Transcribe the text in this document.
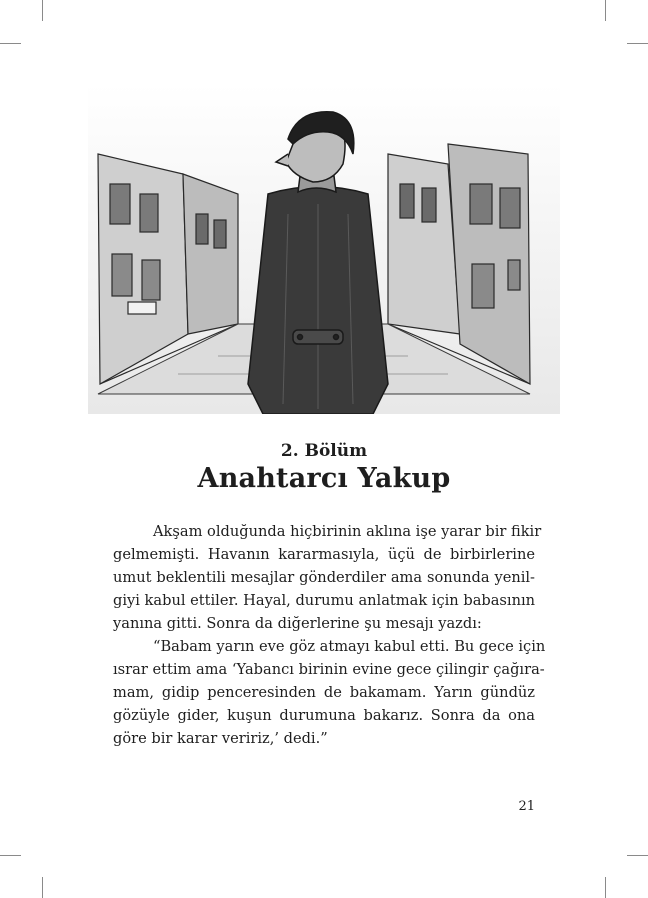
2. Bölüm
Anahtarcı Yakup
Akşam olduğunda hiçbirinin aklına işe yarar bir fikir
gelmemişti. Havanın kararmasıyla, üçü de birbirlerine
umut beklentili mesajlar gönderdiler ama sonunda yenil-
giyi kabul ettiler. Hayal, durumu anlatmak için babasının
yanına gitti. Sonra da diğerlerine şu mesajı yazdı:
“Babam yarın eve göz atmayı kabul etti. Bu gece için
ısrar ettim ama ‘Yabancı birinin evine gece çilingir çağıra-
mam, gidip penceresinden de bakamam. Yarın gündüz
gözüyle gider, kuşun durumuna bakarız. Sonra da ona
göre bir karar veririz,’ dedi.”
21
